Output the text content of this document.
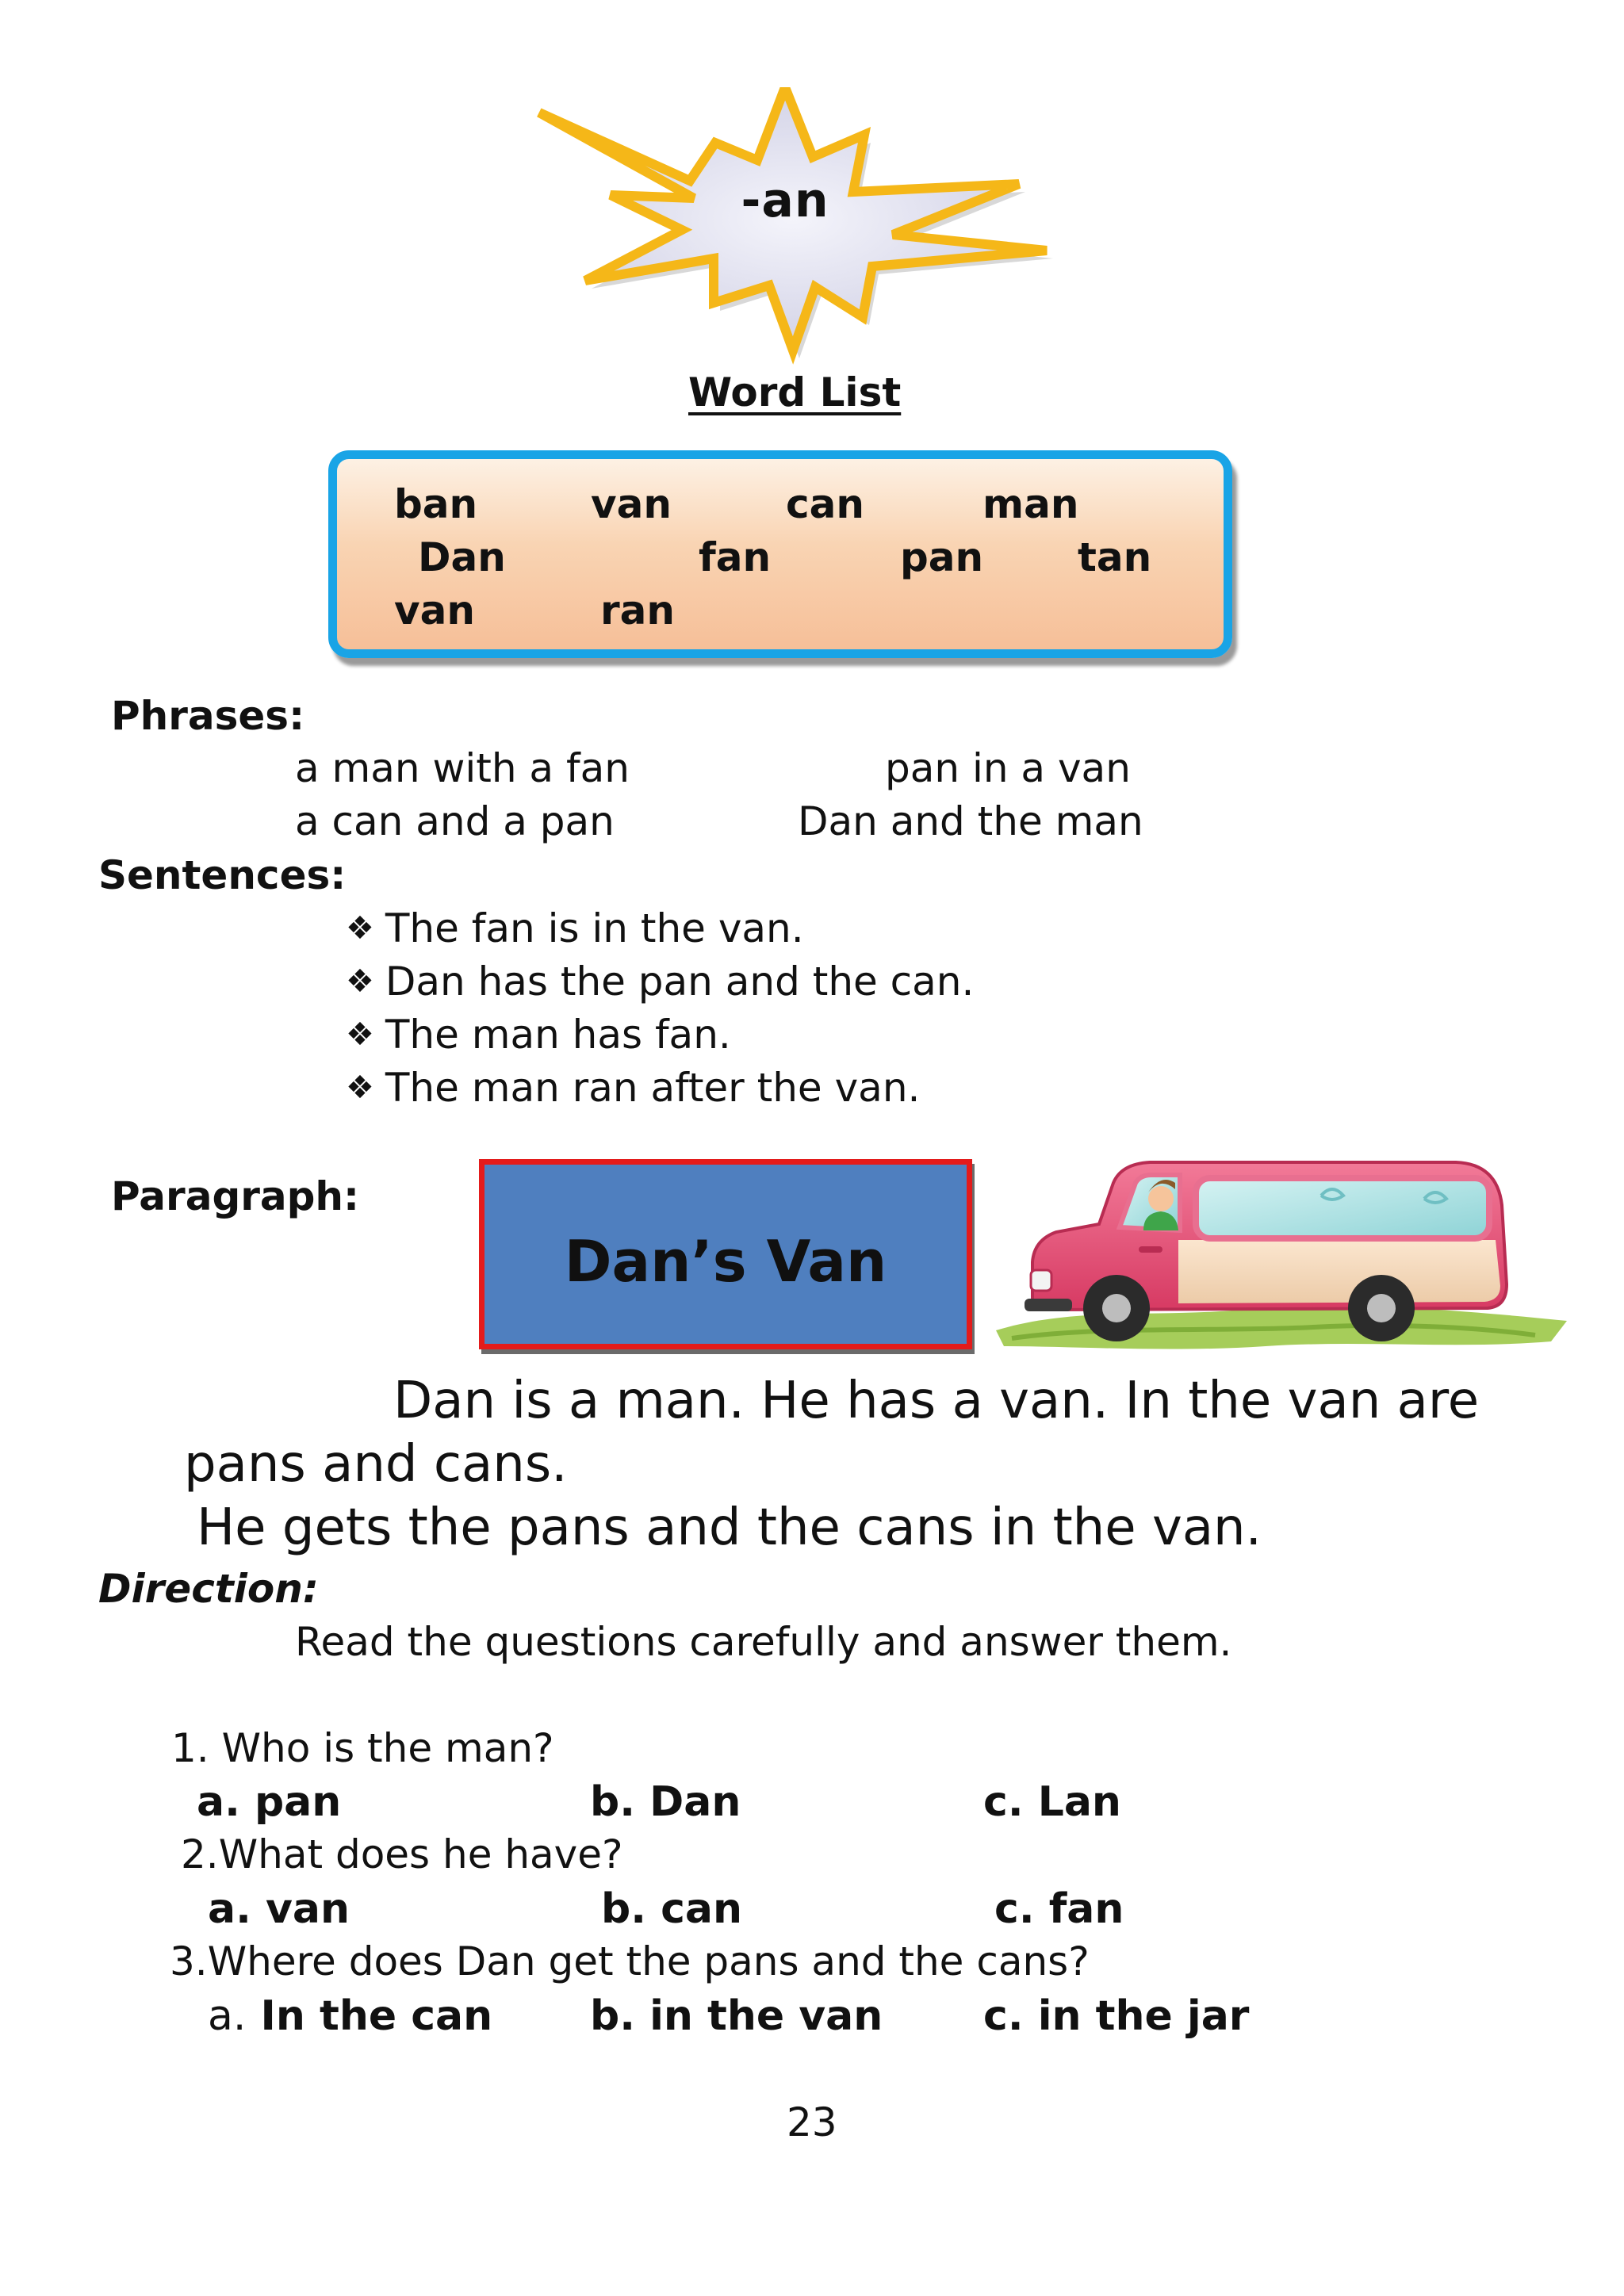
-an
Word List
ban	van	can	man
Dan	fan	pan tan
van	ran
Phrases:
a man with a fan	pan in a van
a can and a pan	Dan and the man
Sentences:
❖ The fan is in the van.
❖ Dan has the pan and the can.
❖ The man has fan.
❖ The man ran after the van.
Paragraph:
Dan’s Van
Dan is a man. He has a van. In the van are
pans and cans.
He gets the pans and the cans in the van.
Direction:
Read the questions carefully and answer them.
1. Who is the man?
a. pan	b. Dan	c. Lan
2.What does he have?
a. van	b. can	c. fan
3.Where does Dan get the pans and the cans?
a. In the can b. in the van c. in the jar
23
